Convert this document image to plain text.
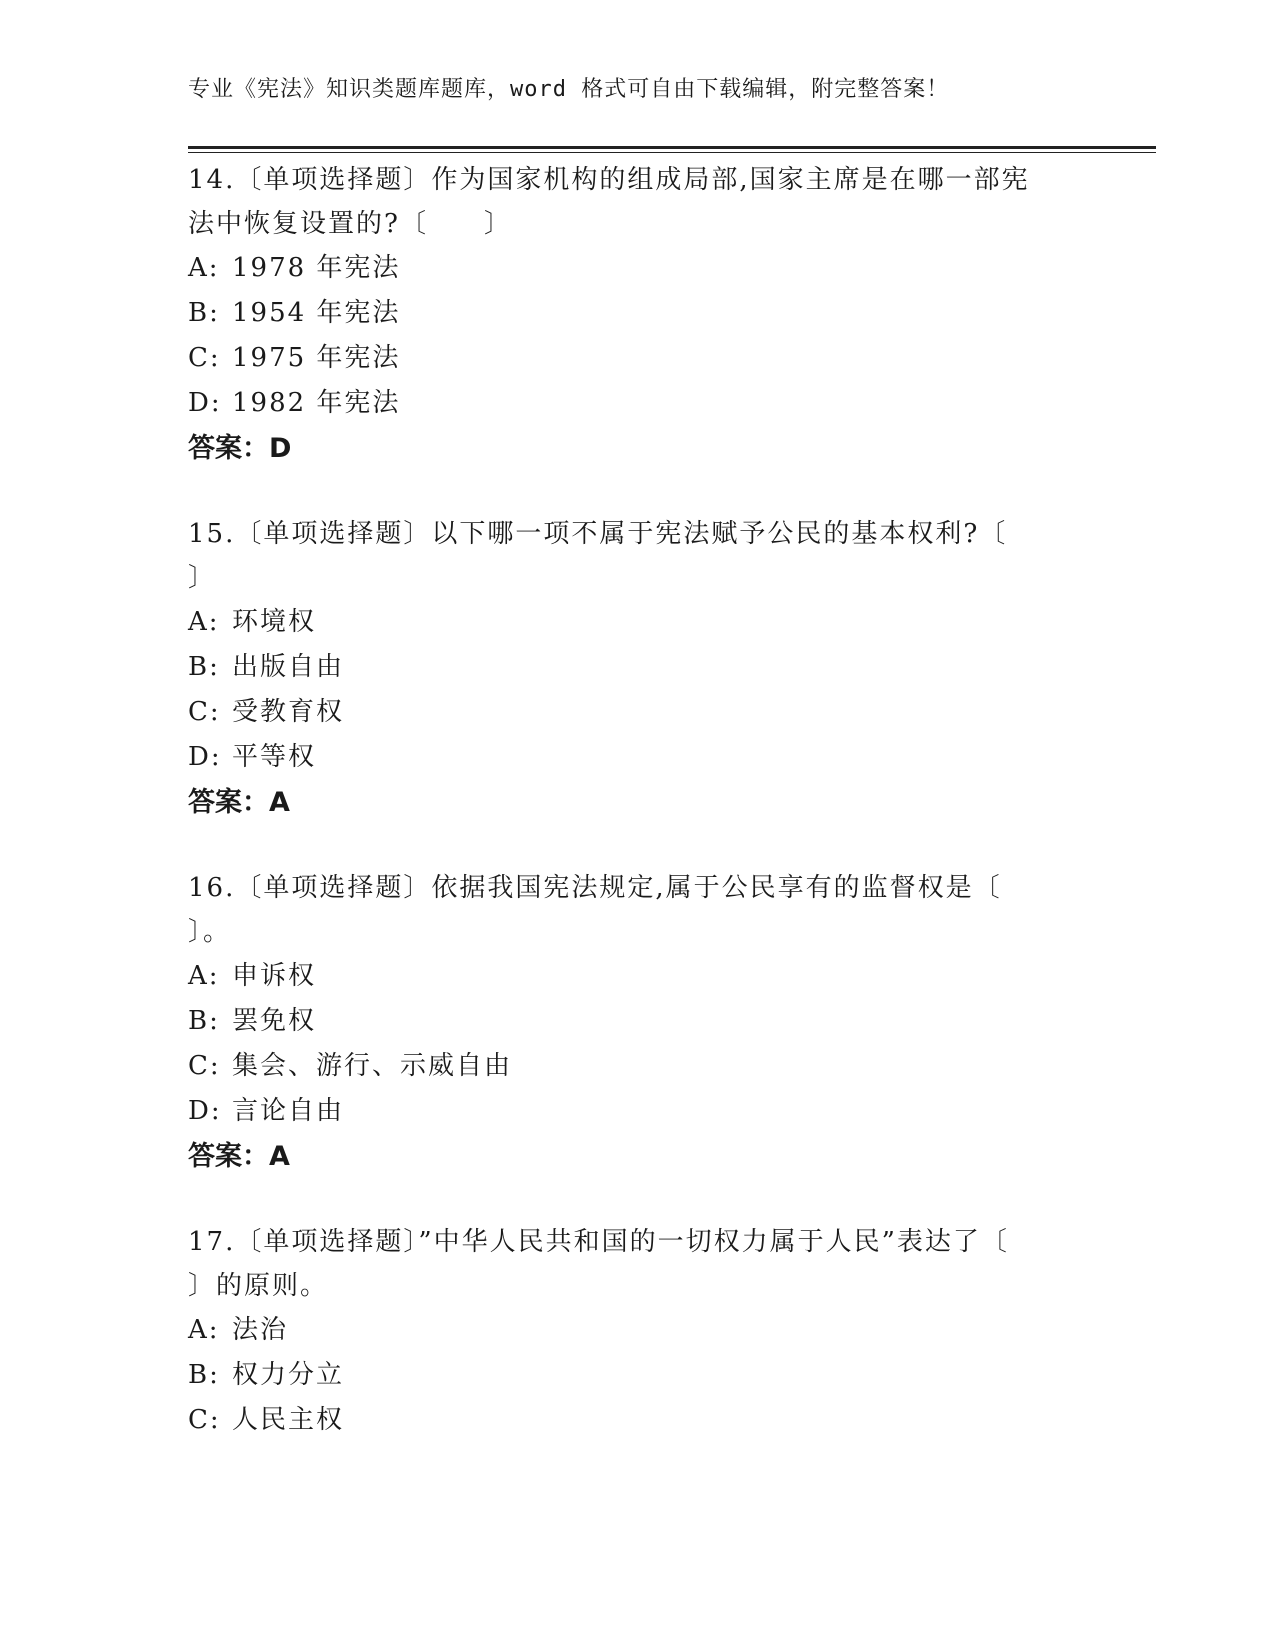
专业《宪法》知识类题库题库，word 格式可自由下载编辑，附完整答案！
14.〔单项选择题〕作为国家机构的组成局部,国家主席是在哪一部宪
法中恢复设置的?〔　　〕
A: 1978 年宪法
B: 1954 年宪法
C: 1975 年宪法
D: 1982 年宪法
答案：D
15.〔单项选择题〕以下哪一项不属于宪法赋予公民的基本权利?〔
〕
A: 环境权
B: 出版自由
C: 受教育权
D: 平等权
答案：A
16.〔单项选择题〕依据我国宪法规定,属于公民享有的监督权是〔
〕。
A: 申诉权
B: 罢免权
C: 集会、游行、示威自由
D: 言论自由
答案：A
17.〔单项选择题〕”中华人民共和国的一切权力属于人民”表达了〔
〕的原则。
A: 法治
B: 权力分立
C: 人民主权
